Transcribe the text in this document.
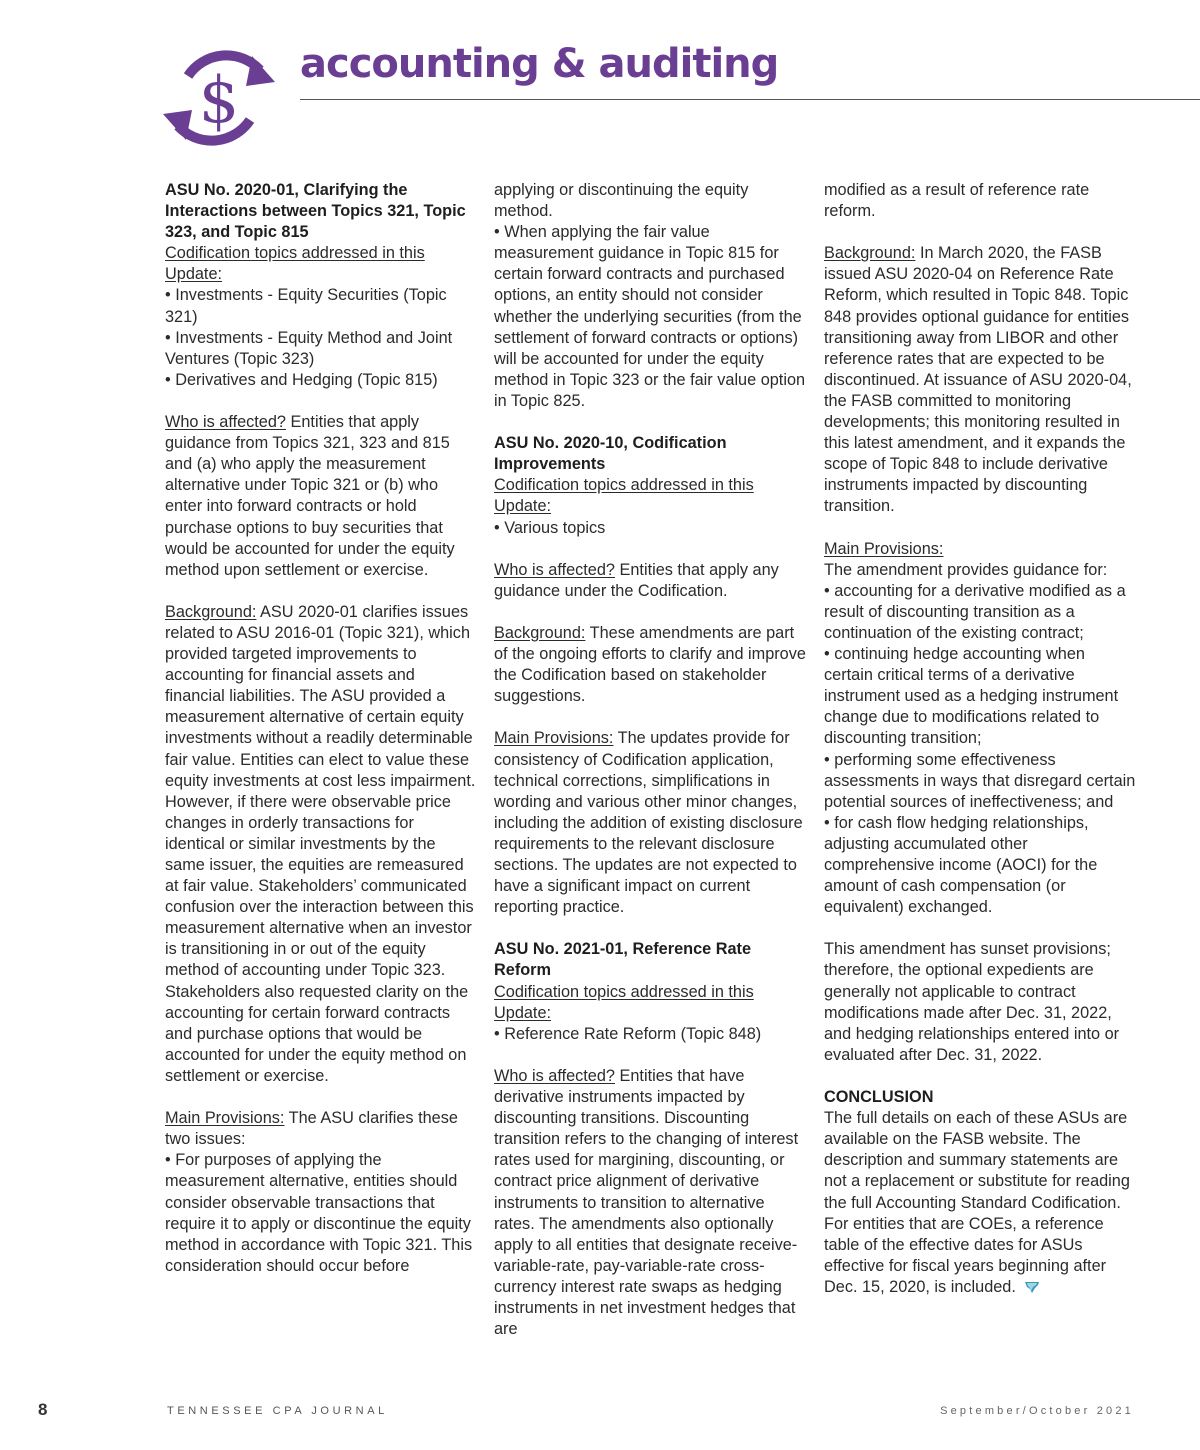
$ accounting & auditing
ASU No. 2020-01, Clarifying the Interactions between Topics 321, Topic 323, and Topic 815

Codification topics addressed in this Update:

• Investments - Equity Securities (Topic 321)

• Investments - Equity Method and Joint Ventures (Topic 323)

• Derivatives and Hedging (Topic 815)

Who is affected? Entities that apply guidance from Topics 321, 323 and 815 and (a) who apply the measurement alternative under Topic 321 or (b) who enter into forward contracts or hold purchase options to buy securities that would be accounted for under the equity method upon settlement or exercise.

Background: ASU 2020-01 clarifies issues related to ASU 2016-01 (Topic 321), which provided targeted improvements to accounting for financial assets and financial liabilities. The ASU provided a measurement alternative of certain equity investments without a readily determinable fair value. Entities can elect to value these equity investments at cost less impairment. However, if there were observable price changes in orderly transactions for identical or similar investments by the same issuer, the equities are remeasured at fair value. Stakeholders’ communicated confusion over the interaction between this measurement alternative when an investor is transitioning in or out of the equity method of accounting under Topic 323. Stakeholders also requested clarity on the accounting for certain forward contracts and purchase options that would be accounted for under the equity method on settlement or exercise.

Main Provisions: The ASU clarifies these two issues:

• For purposes of applying the measurement alternative, entities should consider observable transactions that require it to apply or discontinue the equity method in accordance with Topic 321. This consideration should occur before

applying or discontinuing the equity method.

• When applying the fair value measurement guidance in Topic 815 for certain forward contracts and purchased options, an entity should not consider whether the underlying securities (from the settlement of forward contracts or options) will be accounted for under the equity method in Topic 323 or the fair value option in Topic 825.

ASU No. 2020-10, Codification Improvements

Codification topics addressed in this Update:

• Various topics

Who is affected? Entities that apply any guidance under the Codification.

Background: These amendments are part of the ongoing efforts to clarify and improve the Codification based on stakeholder suggestions.

Main Provisions: The updates provide for consistency of Codification application, technical corrections, simplifications in wording and various other minor changes, including the addition of existing disclosure requirements to the relevant disclosure sections. The updates are not expected to have a significant impact on current reporting practice.

ASU No. 2021-01, Reference Rate Reform

Codification topics addressed in this Update:

• Reference Rate Reform (Topic 848)

Who is affected? Entities that have derivative instruments impacted by discounting transitions. Discounting transition refers to the changing of interest rates used for margining, discounting, or contract price alignment of derivative instruments to transition to alternative rates. The amendments also optionally apply to all entities that designate receive-variable-rate, pay-variable-rate cross-currency interest rate swaps as hedging instruments in net investment hedges that are

modified as a result of reference rate reform.

Background: In March 2020, the FASB issued ASU 2020-04 on Reference Rate Reform, which resulted in Topic 848. Topic 848 provides optional guidance for entities transitioning away from LIBOR and other reference rates that are expected to be discontinued. At issuance of ASU 2020-04, the FASB committed to monitoring developments; this monitoring resulted in this latest amendment, and it expands the scope of Topic 848 to include derivative instruments impacted by discounting transition.

Main Provisions:

The amendment provides guidance for:

• accounting for a derivative modified as a result of discounting transition as a continuation of the existing contract;

• continuing hedge accounting when certain critical terms of a derivative instrument used as a hedging instrument change due to modifications related to discounting transition;

• performing some effectiveness assessments in ways that disregard certain potential sources of ineffectiveness; and

• for cash flow hedging relationships, adjusting accumulated other comprehensive income (AOCI) for the amount of cash compensation (or equivalent) exchanged.

This amendment has sunset provisions; therefore, the optional expedients are generally not applicable to contract modifications made after Dec. 31, 2022, and hedging relationships entered into or evaluated after Dec. 31, 2022.

CONCLUSION

The full details on each of these ASUs are available on the FASB website. The description and summary statements are not a replacement or substitute for reading the full Accounting Standard Codification. For entities that are COEs, a reference table of the effective dates for ASUs effective for fiscal years beginning after Dec. 15, 2020, is included.

8	TENNESSEE CPA JOURNAL	September/October 2021
